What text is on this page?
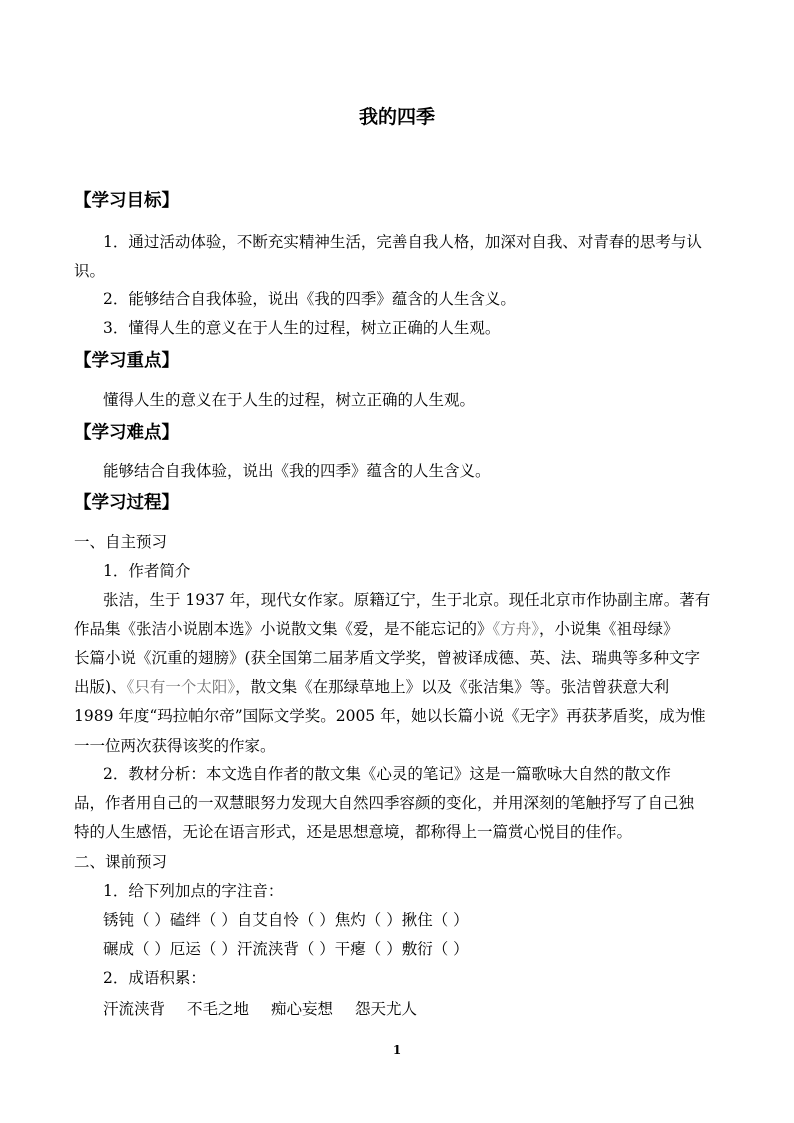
我的四季
【学习目标】
1．通过活动体验，不断充实精神生活，完善自我人格，加深对自我、对青春的思考与认
识。
2．能够结合自我体验，说出《我的四季》蕴含的人生含义。
3．懂得人生的意义在于人生的过程，树立正确的人生观。
【学习重点】
懂得人生的意义在于人生的过程，树立正确的人生观。
【学习难点】
能够结合自我体验，说出《我的四季》蕴含的人生含义。
【学习过程】
一、自主预习
1．作者简介
张洁，生于 1937 年，现代女作家。原籍辽宁，生于北京。现任北京市作协副主席。著有
作品集《张洁小说剧本选》小说散文集《爱，是不能忘记的》《方舟》，小说集《祖母绿》
长篇小说《沉重的翅膀》(获全国第二届茅盾文学奖，曾被译成德、英、法、瑞典等多种文字
出版)、《只有一个太阳》，散文集《在那绿草地上》以及《张洁集》等。张洁曾获意大利
1989 年度“玛拉帕尔帝”国际文学奖。2005 年，她以长篇小说《无字》再获茅盾奖，成为惟
一一位两次获得该奖的作家。
2．教材分析：本文选自作者的散文集《心灵的笔记》这是一篇歌咏大自然的散文作
品，作者用自己的一双慧眼努力发现大自然四季容颜的变化，并用深刻的笔触抒写了自己独
特的人生感悟，无论在语言形式，还是思想意境，都称得上一篇赏心悦目的佳作。
二、课前预习
1．给下列加点的字注音：
锈钝（ ）磕绊（ ）自艾自怜（ ）焦灼（ ）揪住（ ）
碾成（ ）厄运（ ）汗流浃背（ ）干瘪（ ）敷衍（ ）
2．成语积累：
汗流浃背 不毛之地 痴心妄想 怨天尤人
1
